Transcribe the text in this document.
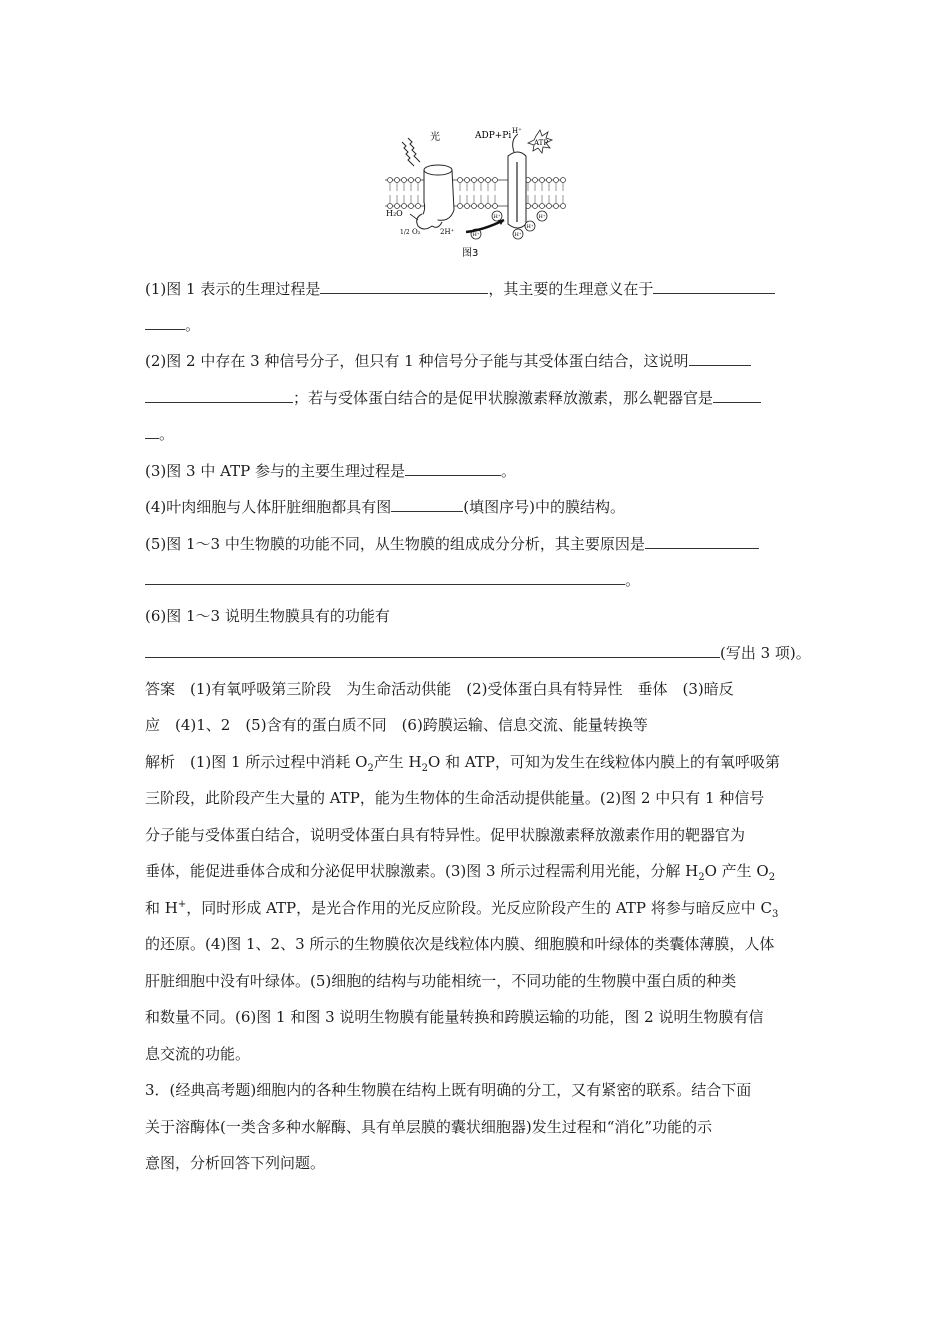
光	ADP+Pi H⁺
ATP
H⁺	H⁺
H⁺
H⁺
H⁺
H₂O
1/2 O₂	2H⁺
图3
(1)图 1 表示的生理过程是	，其主要的生理意义在于
。
(2)图 2 中存在 3 种信号分子，但只有 1 种信号分子能与其受体蛋白结合，这说明
；若与受体蛋白结合的是促甲状腺激素释放激素，那么靶器官是
。
(3)图 3 中 ATP 参与的主要生理过程是	。
(4)叶肉细胞与人体肝脏细胞都具有图	(填图序号)中的膜结构。
(5)图 1～3 中生物膜的功能不同，从生物膜的组成成分分析，其主要原因是
。
(6)图 1～3 说明生物膜具有的功能有
(写出 3 项)。
答案　(1)有氧呼吸第三阶段　为生命活动供能　(2)受体蛋白具有特异性　垂体　(3)暗反
应　(4)1、2　(5)含有的蛋白质不同　(6)跨膜运输、信息交流、能量转换等
解析　(1)图 1 所示过程中消耗 $O_2$产生 $H_2O$ 和 ATP，可知为发生在线粒体内膜上的有氧呼吸第
三阶段，此阶段产生大量的 ATP，能为生物体的生命活动提供能量。(2)图 2 中只有 1 种信号
分子能与受体蛋白结合，说明受体蛋白具有特异性。促甲状腺激素释放激素作用的靶器官为
垂体，能促进垂体合成和分泌促甲状腺激素。(3)图 3 所示过程需利用光能，分解 $H_2O$ 产生 $O_2$
和 H+，同时形成 ATP，是光合作用的光反应阶段。光反应阶段产生的 ATP 将参与暗反应中 $C_3$
的还原。(4)图 1、2、3 所示的生物膜依次是线粒体内膜、细胞膜和叶绿体的类囊体薄膜，人体
肝脏细胞中没有叶绿体。(5)细胞的结构与功能相统一，不同功能的生物膜中蛋白质的种类
和数量不同。(6)图 1 和图 3 说明生物膜有能量转换和跨膜运输的功能，图 2 说明生物膜有信
息交流的功能。
3．(经典高考题)细胞内的各种生物膜在结构上既有明确的分工，又有紧密的联系。结合下面
关于溶酶体(一类含多种水解酶、具有单层膜的囊状细胞器)发生过程和“消化”功能的示
意图，分析回答下列问题。
